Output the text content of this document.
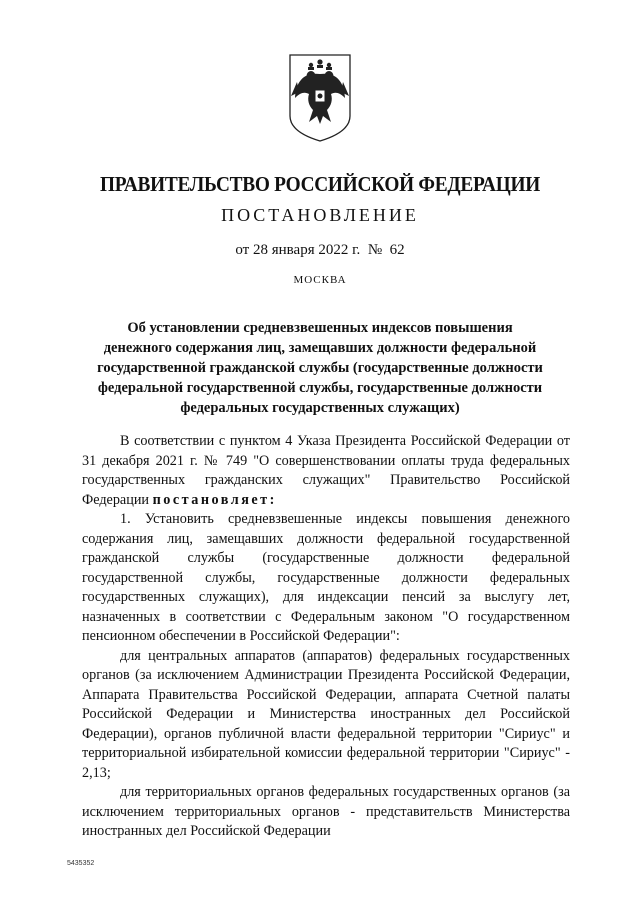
ПРАВИТЕЛЬСТВО РОССИЙСКОЙ ФЕДЕРАЦИИ
ПОСТАНОВЛЕНИЕ
от 28 января 2022 г. № 62
МОСКВА
Об установлении средневзвешенных индексов повышения
денежного содержания лиц, замещавших должности федеральной
государственной гражданской службы (государственные должности
федеральной государственной службы, государственные должности
федеральных государственных служащих)

В соответствии с пунктом 4 Указа Президента Российской Федерации от 31 декабря 2021 г. № 749 "О совершенствовании оплаты труда федеральных государственных гражданских служащих" Правительство Российской Федерации постановляет:

1. Установить средневзвешенные индексы повышения денежного содержания лиц, замещавших должности федеральной государственной гражданской службы (государственные должности федеральной государственной службы, государственные должности федеральных государственных служащих), для индексации пенсий за выслугу лет, назначенных в соответствии с Федеральным законом "О государственном пенсионном обеспечении в Российской Федерации":

для центральных аппаратов (аппаратов) федеральных государственных органов (за исключением Администрации Президента Российской Федерации, Аппарата Правительства Российской Федерации, аппарата Счетной палаты Российской Федерации и Министерства иностранных дел Российской Федерации), органов публичной власти федеральной территории "Сириус" и территориальной избирательной комиссии федеральной территории "Сириус" - 2,13;

для территориальных органов федеральных государственных органов (за исключением территориальных органов - представительств Министерства иностранных дел Российской Федерации

5435352
